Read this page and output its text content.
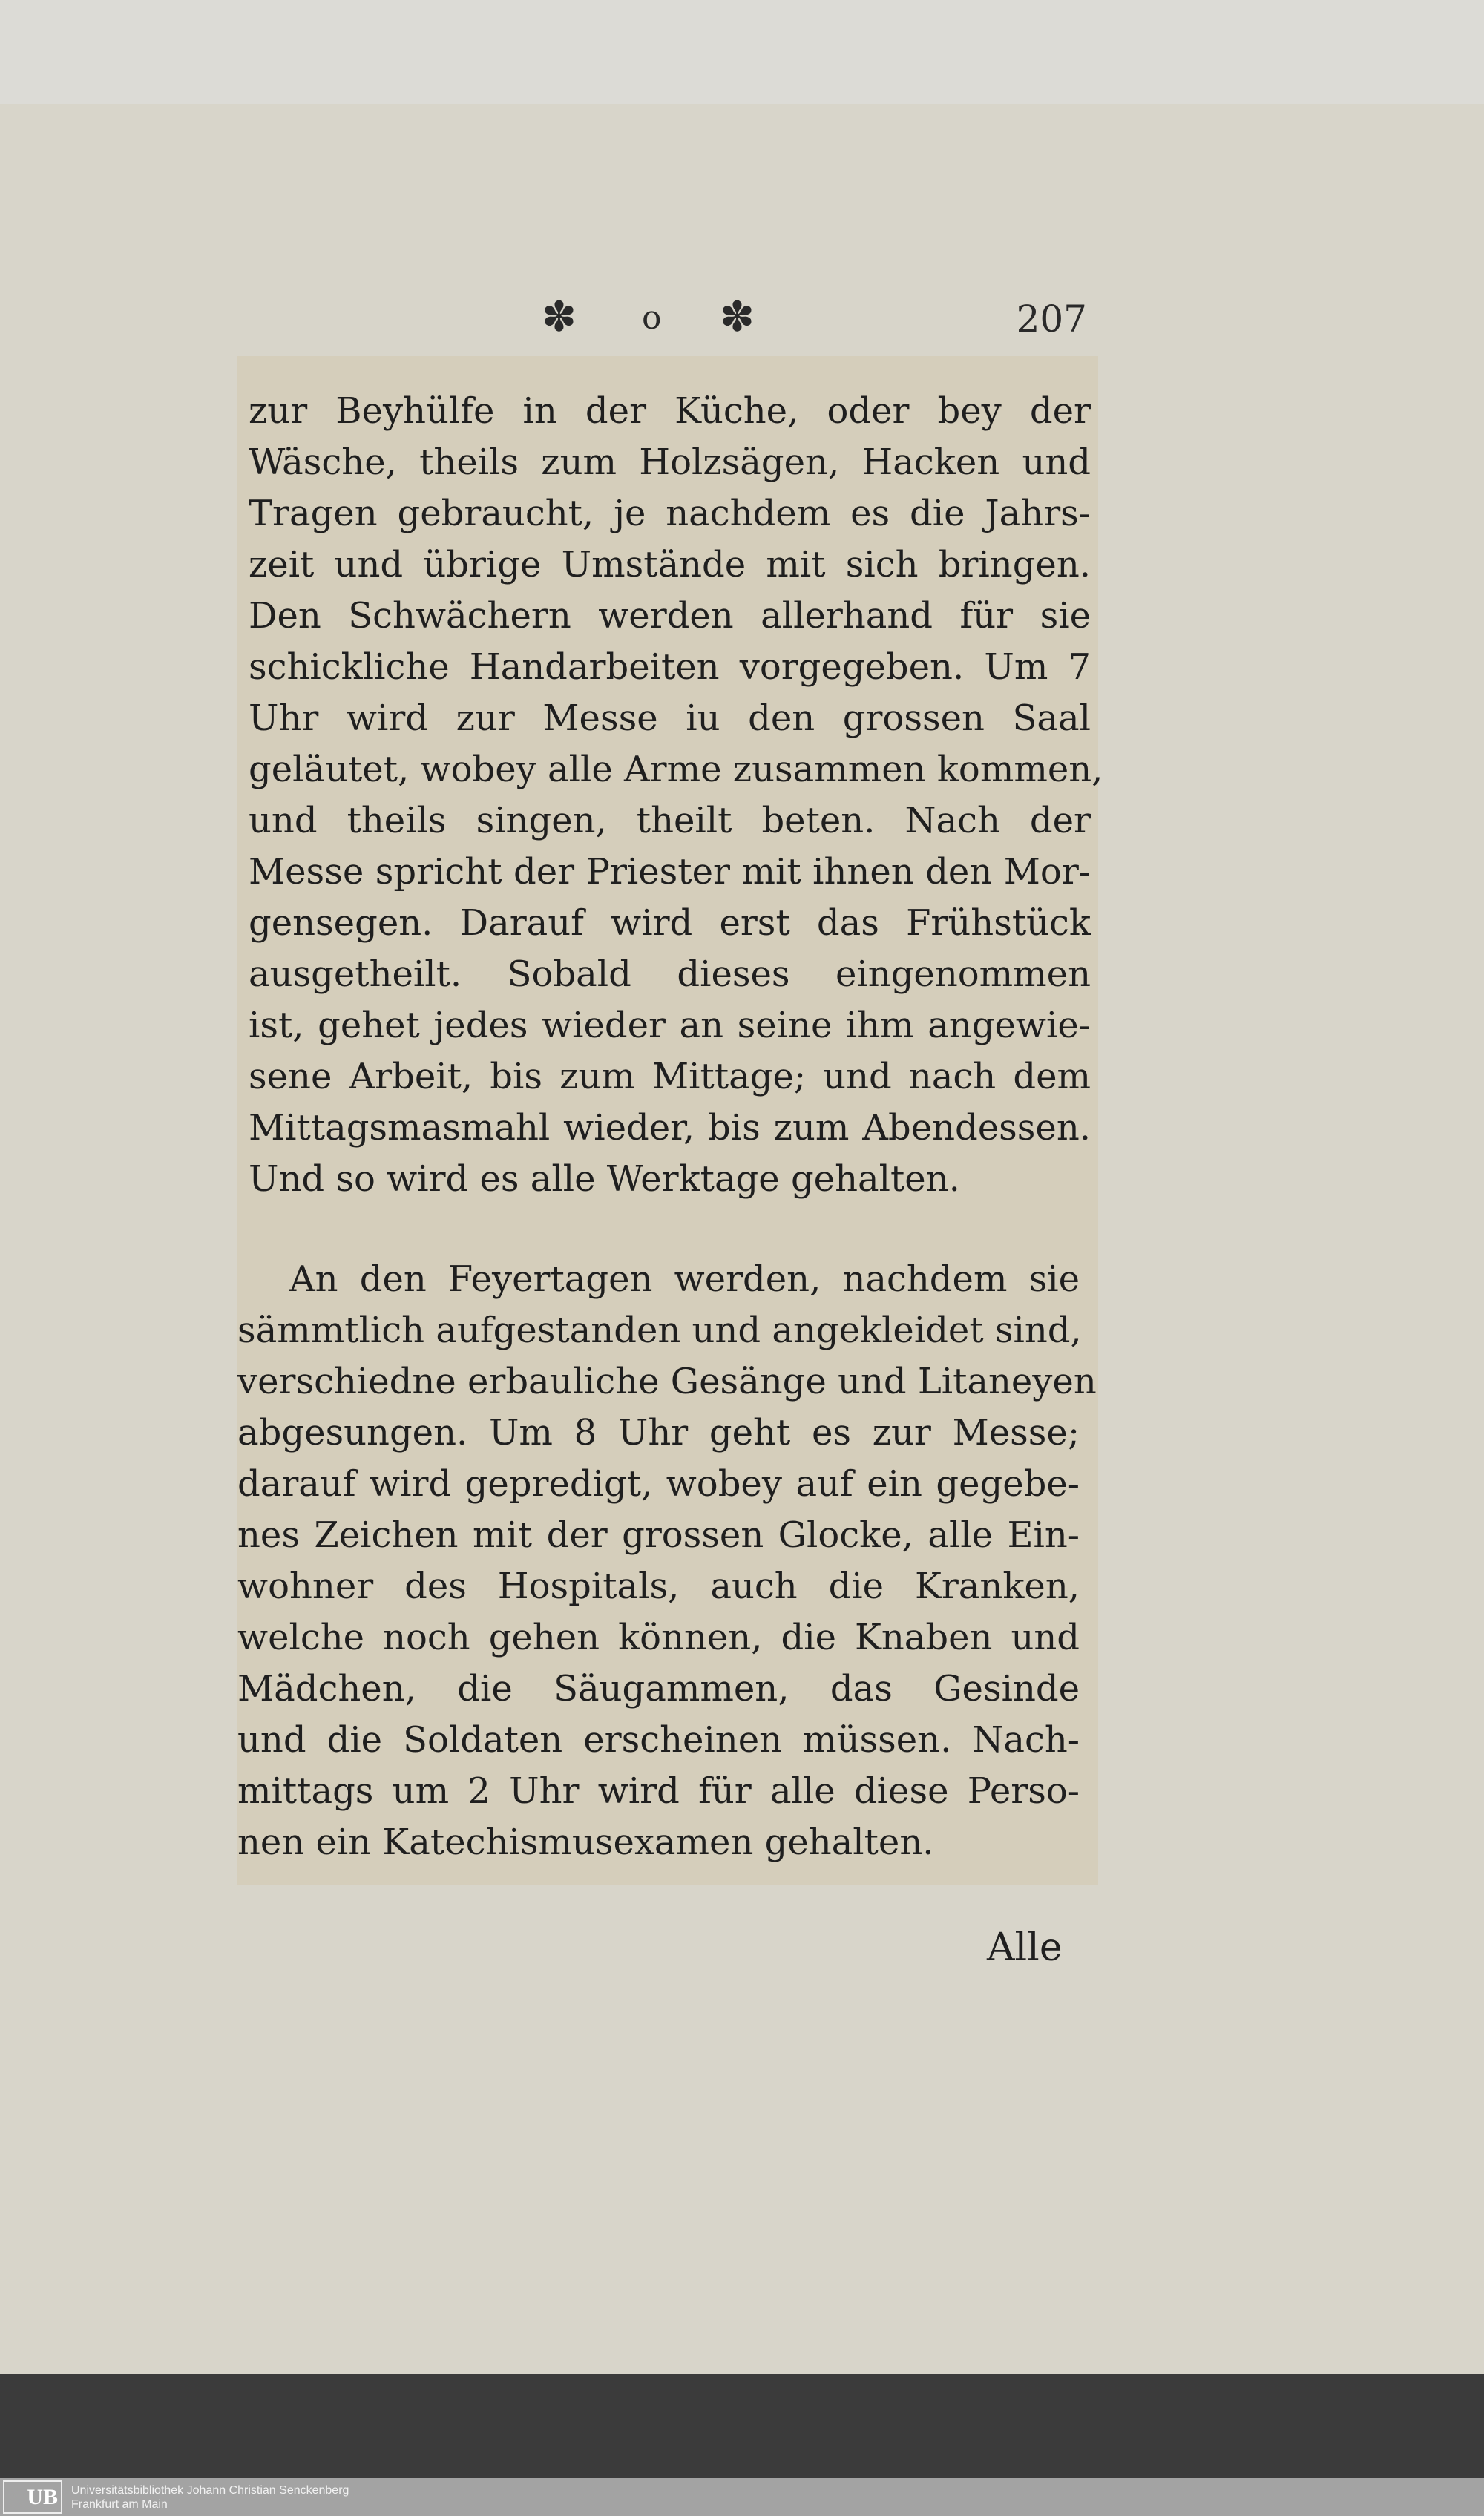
✽ o ✽	207
zur Beyhülfe in der Küche, oder bey der
Wäsche, theils zum Holzsägen, Hacken und
Tragen gebraucht, je nachdem es die Jahrs-
zeit und übrige Umstände mit sich bringen.
Den Schwächern werden allerhand für sie
schickliche Handarbeiten vorgegeben. Um 7
Uhr wird zur Messe iu den grossen Saal
geläutet, wobey alle Arme zusammen kommen,
und theils singen, theilt beten. Nach der
Messe spricht der Priester mit ihnen den Mor-
gensegen. Darauf wird erst das Frühstück
ausgetheilt. Sobald dieses eingenommen
ist, gehet jedes wieder an seine ihm angewie-
sene Arbeit, bis zum Mittage; und nach dem
Mittagsmasmahl wieder, bis zum Abendessen.
Und so wird es alle Werktage gehalten.
An den Feyertagen werden, nachdem sie
sämmtlich aufgestanden und angekleidet sind,
verschiedne erbauliche Gesänge und Litaneyen
abgesungen. Um 8 Uhr geht es zur Messe;
darauf wird gepredigt, wobey auf ein gegebe-
nes Zeichen mit der grossen Glocke, alle Ein-
wohner des Hospitals, auch die Kranken,
welche noch gehen können, die Knaben und
Mädchen, die Säugammen, das Gesinde
und die Soldaten erscheinen müssen. Nach-
mittags um 2 Uhr wird für alle diese Perso-
nen ein Katechismusexamen gehalten.
Alle
UB	Universitätsbibliothek Johann Christian Senckenberg
Frankfurt am Main
